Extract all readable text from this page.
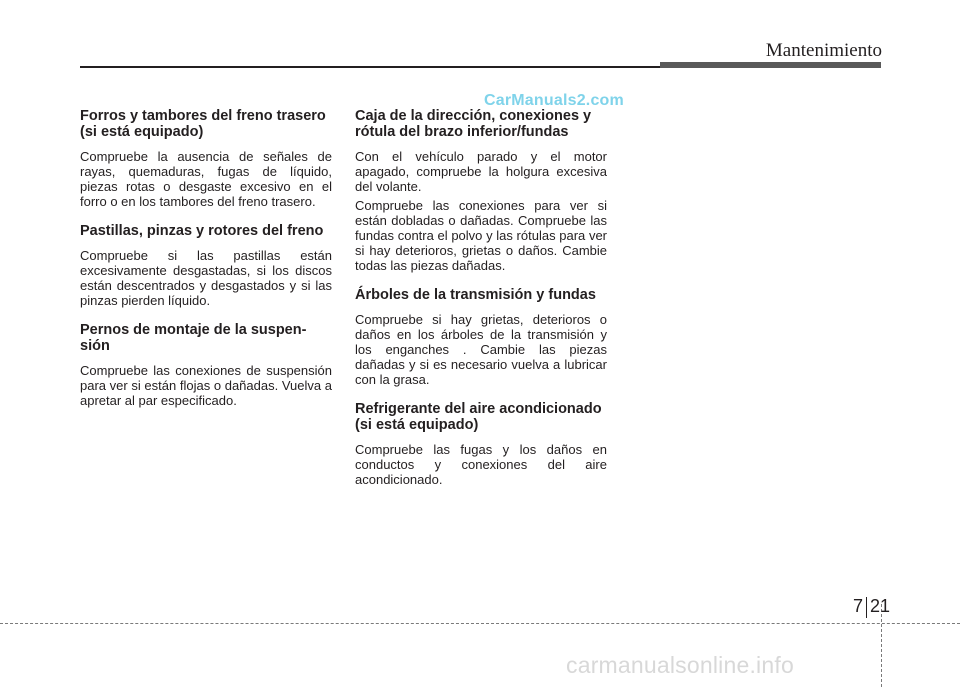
Mantenimiento
CarManuals2.com
Forros y tambores del freno trasero
(si está equipado)

Compruebe la ausencia de señales de rayas, quemaduras, fugas de líquido, piezas rotas o desgaste excesivo en el forro o en los tambores del freno trasero.

Pastillas, pinzas y rotores del freno

Compruebe si las pastillas están excesivamente desgastadas, si los discos están descentrados y desgastados y si las pinzas pierden líquido.

Pernos de montaje de la suspen-
sión

Compruebe las conexiones de suspensión para ver si están flojas o dañadas. Vuelva a apretar al par especificado.

Caja de la dirección, conexiones y
rótula del brazo inferior/fundas

Con el vehículo parado y el motor apagado, compruebe la holgura excesiva del volante.

Compruebe las conexiones para ver si están dobladas o dañadas. Compruebe las fundas contra el polvo y las rótulas para ver si hay deterioros, grietas o daños. Cambie todas las piezas dañadas.

Árboles de la transmisión y fundas

Compruebe si hay grietas, deterioros o daños en los árboles de la transmisión y los enganches . Cambie las piezas dañadas y si es necesario vuelva a lubricar con la grasa.

Refrigerante del aire acondicionado
(si está equipado)

Compruebe las fugas y los daños en conductos y conexiones del aire acondicionado.

7 21
carmanualsonline.info
